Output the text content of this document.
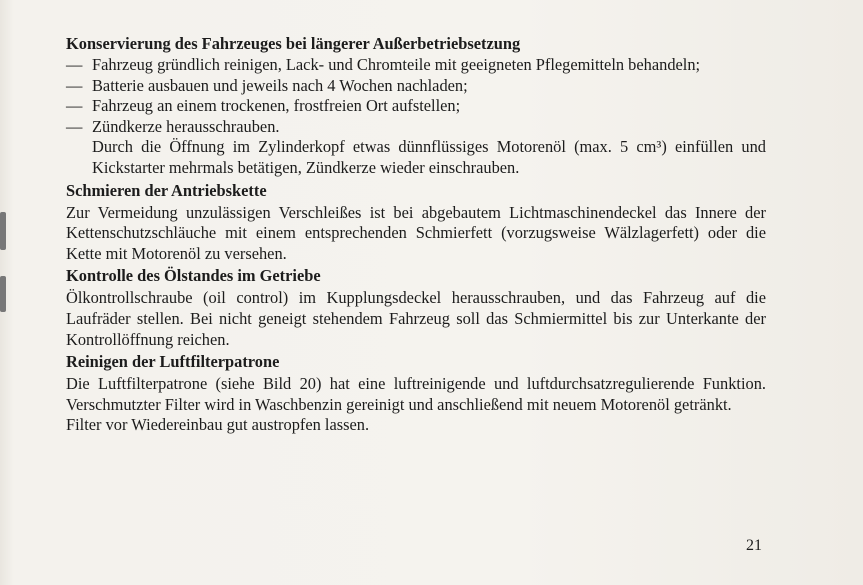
Konservierung des Fahrzeuges bei längerer Außerbetriebsetzung
— Fahrzeug gründlich reinigen, Lack- und Chromteile mit geeigneten Pflegemitteln behandeln;
— Batterie ausbauen und jeweils nach 4 Wochen nachladen;
— Fahrzeug an einem trockenen, frostfreien Ort aufstellen;
— Zündkerze herausschrauben.

Durch die Öffnung im Zylinderkopf etwas dünnflüssiges Motorenöl (max. 5 cm³) einfüllen und Kickstarter mehrmals betätigen, Zündkerze wieder einschrauben.

Schmieren der Antriebskette

Zur Vermeidung unzulässigen Verschleißes ist bei abgebautem Lichtmaschinendeckel das Innere der Kettenschutzschläuche mit einem entsprechenden Schmierfett (vorzugsweise Wälzlagerfett) oder die Kette mit Motorenöl zu versehen.

Kontrolle des Ölstandes im Getriebe

Ölkontrollschraube (oil control) im Kupplungsdeckel herausschrauben, und das Fahrzeug auf die Laufräder stellen. Bei nicht geneigt stehendem Fahrzeug soll das Schmiermittel bis zur Unterkante der Kontrollöffnung reichen.

Reinigen der Luftfilterpatrone

Die Luftfilterpatrone (siehe Bild 20) hat eine luftreinigende und luftdurchsatzregulierende Funktion. Verschmutzter Filter wird in Waschbenzin gereinigt und anschließend mit neuem Motorenöl getränkt.

Filter vor Wiedereinbau gut austropfen lassen.

21
